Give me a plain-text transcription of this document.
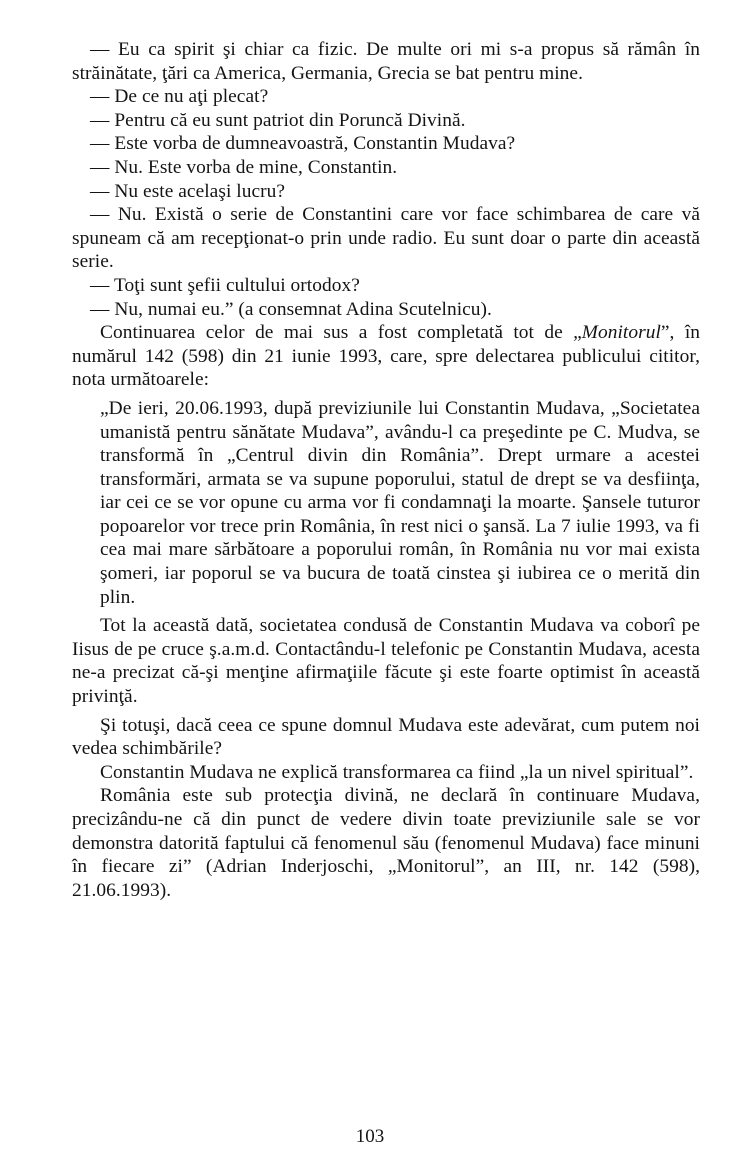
— Eu ca spirit şi chiar ca fizic. De multe ori mi s-a propus să rămân în străinătate, ţări ca America, Germania, Grecia se bat pentru mine.

— De ce nu aţi plecat?

— Pentru că eu sunt patriot din Poruncă Divină.

— Este vorba de dumneavoastră, Constantin Mudava?

— Nu. Este vorba de mine, Constantin.

— Nu este acelaşi lucru?

— Nu. Există o serie de Constantini care vor face schimbarea de care vă spuneam că am recepţionat-o prin unde radio. Eu sunt doar o parte din această serie.

— Toţi sunt şefii cultului ortodox?

— Nu, numai eu.” (a consemnat Adina Scutelnicu).

Continuarea celor de mai sus a fost completată tot de „Monitorul”, în numărul 142 (598) din 21 iunie 1993, care, spre delectarea publicului cititor, nota următoarele:

„De ieri, 20.06.1993, după previziunile lui Constantin Mudava, „Societatea umanistă pentru sănătate Mudava”, avându-l ca preşedinte pe C. Mudva, se transformă în „Centrul divin din România”. Drept urmare a acestei transformări, armata se va supune poporului, statul de drept se va desfiinţa, iar cei ce se vor opune cu arma vor fi condamnaţi la moarte. Şansele tuturor popoarelor vor trece prin România, în rest nici o şansă. La 7 iulie 1993, va fi cea mai mare sărbătoare a poporului român, în România nu vor mai exista şomeri, iar poporul se va bucura de toată cinstea şi iubirea ce o merită din plin.

Tot la această dată, societatea condusă de Constantin Mudava va coborî pe Iisus de pe cruce ş.a.m.d. Contactându-l telefonic pe Constantin Mudava, acesta ne-a precizat că-şi menţine afirmaţiile făcute şi este foarte optimist în această privinţă.

Şi totuşi, dacă ceea ce spune domnul Mudava este adevărat, cum putem noi vedea schimbările?

Constantin Mudava ne explică transformarea ca fiind „la un nivel spiritual”.

România este sub protecţia divină, ne declară în continuare Mudava, precizându-ne că din punct de vedere divin toate previziunile sale se vor demonstra datorită faptului că fenomenul său (fenomenul Mudava) face minuni în fiecare zi” (Adrian Inderjoschi, „Monitorul”, an III, nr. 142 (598), 21.06.1993).

103
